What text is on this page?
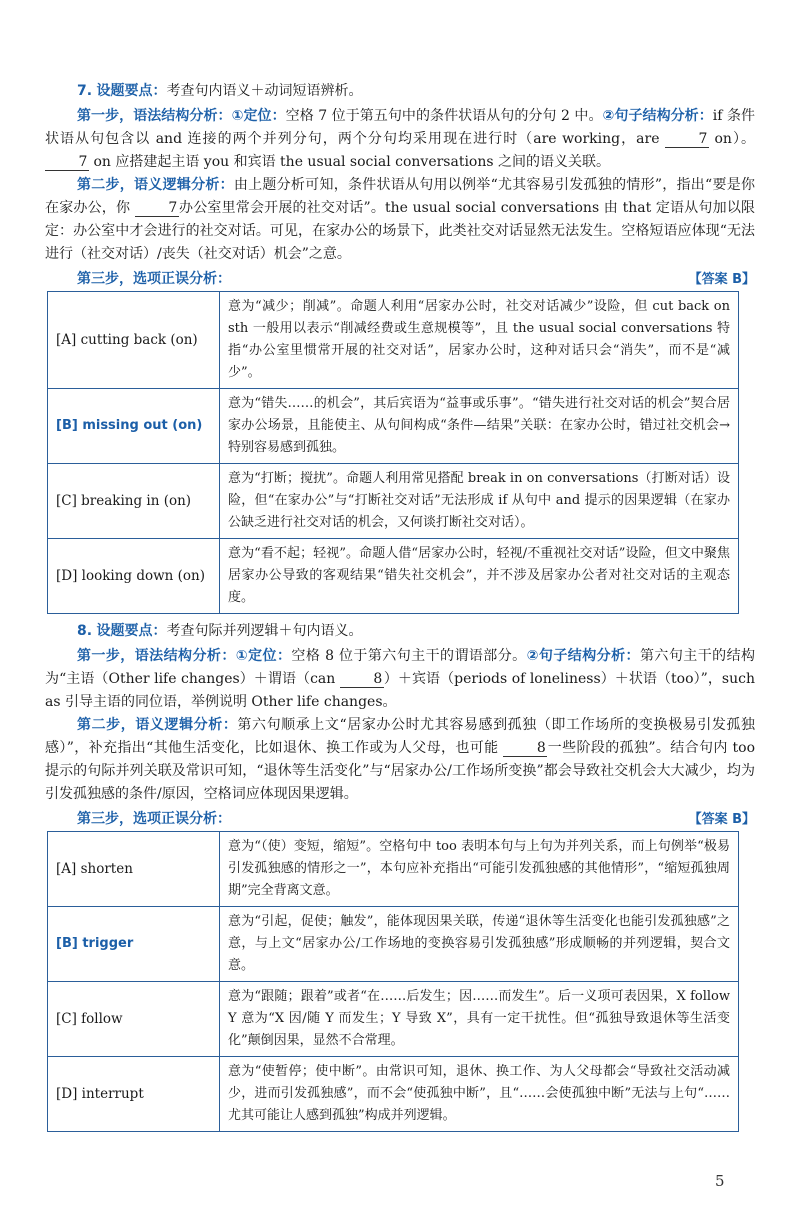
7. 设题要点：考查句内语义＋动词短语辨析。

第一步，语法结构分析：①定位：空格 7 位于第五句中的条件状语从句的分句 2 中。②句子结构分析：if 条件状语从句包含以 and 连接的两个并列分句，两个分句均采用现在进行时（are working，are	7 on）。 7 on 应搭建起主语 you 和宾语 the usual social conversations 之间的语义关联。

第二步，语义逻辑分析：由上题分析可知，条件状语从句用以例举“尤其容易引发孤独的情形”，指出“要是你在家办公，你	7 办公室里常会开展的社交对话”。the usual social conversations 由 that 定语从句加以限定：办公室中才会进行的社交对话。可见，在家办公的场景下，此类社交对话显然无法发生。空格短语应体现“无法进行（社交对话）/丧失（社交对话）机会”之意。

第三步，选项正误分析：	【答案 B】
[A] cutting back (on)	意为“减少；削减”。命题人利用“居家办公时，社交对话减少”设险，但 cut back on sth 一般用以表示“削减经费或生意规模等”，且 the usual social conversations 特指“办公室里惯常开展的社交对话”，居家办公时，这种对话只会“消失”，而不是“减少”。
[B] missing out (on)	意为“错失……的机会”，其后宾语为“益事或乐事”。“错失进行社交对话的机会”契合居家办公场景，且能使主、从句间构成“条件—结果”关联：在家办公时，错过社交机会→特别容易感到孤独。
[C] breaking in (on)	意为“打断；搅扰”。命题人利用常见搭配 break in on conversations（打断对话）设险，但“在家办公”与“打断社交对话”无法形成 if 从句中 and 提示的因果逻辑（在家办公缺乏进行社交对话的机会，又何谈打断社交对话）。
[D] looking down (on)	意为“看不起；轻视”。命题人借“居家办公时，轻视/不重视社交对话”设险，但文中聚焦居家办公导致的客观结果“错失社交机会”，并不涉及居家办公者对社交对话的主观态度。

8. 设题要点：考查句际并列逻辑＋句内语义。

第一步，语法结构分析：①定位：空格 8 位于第六句主干的谓语部分。②句子结构分析：第六句主干的结构为“主语（Other life changes）＋谓语（can	8 ）＋宾语（periods of loneliness）＋状语（too）”，such as 引导主语的同位语，举例说明 Other life changes。

第二步，语义逻辑分析：第六句顺承上文“居家办公时尤其容易感到孤独（即工作场所的变换极易引发孤独感）”，补充指出“其他生活变化，比如退休、换工作或为人父母，也可能	8 一些阶段的孤独”。结合句内 too 提示的句际并列关联及常识可知，“退休等生活变化”与“居家办公/工作场所变换”都会导致社交机会大大减少，均为引发孤独感的条件/原因，空格词应体现因果逻辑。

第三步，选项正误分析：	【答案 B】
[A] shorten	意为“（使）变短，缩短”。空格句中 too 表明本句与上句为并列关系，而上句例举“极易引发孤独感的情形之一”，本句应补充指出“可能引发孤独感的其他情形”，“缩短孤独周期”完全背离文意。
[B] trigger	意为“引起，促使；触发”，能体现因果关联，传递“退休等生活变化也能引发孤独感”之意，与上文“居家办公/工作场地的变换容易引发孤独感”形成顺畅的并列逻辑，契合文意。
[C] follow	意为“跟随；跟着”或者“在……后发生；因……而发生”。后一义项可表因果，X follow Y 意为“X 因/随 Y 而发生；Y 导致 X”，具有一定干扰性。但“孤独导致退休等生活变化”颠倒因果，显然不合常理。
[D] interrupt	意为“使暂停；使中断”。由常识可知，退休、换工作、为人父母都会“导致社交活动减少，进而引发孤独感”，而不会“使孤独中断”，且“……会使孤独中断”无法与上句“……尤其可能让人感到孤独”构成并列逻辑。
5
